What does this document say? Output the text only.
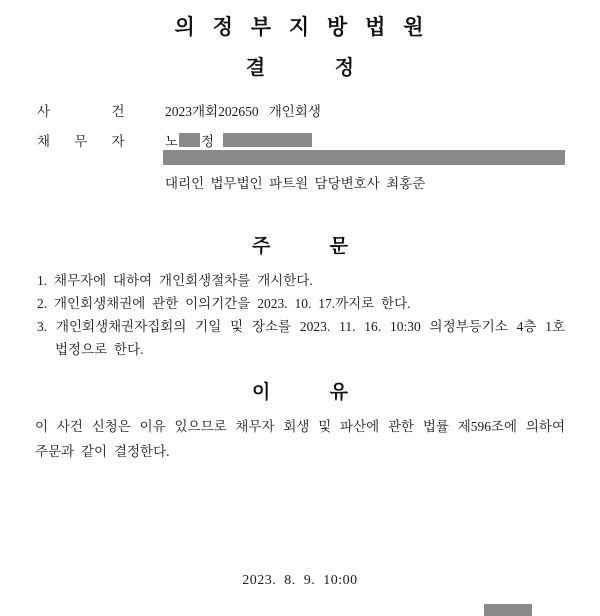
의 정 부 지 방 법 원
결 정
사	건	2023개회202650   개인회생
채 무 자	노 정
대리인 법무법인 파트원 담당변호사 최홍준
주 문
1. 채무자에 대하여 개인회생절차를 개시한다.
2. 개인회생채권에 관한 이의기간을 2023. 10. 17.까지로 한다.
3. 개인회생채권자집회의 기일 및 장소를 2023. 11. 16. 10:30 의정부등기소 4층 1호
법정으로 한다.
이 유
이 사건 신청은 이유 있으므로 채무자 회생 및 파산에 관한 법률 제596조에 의하여
주문과 같이 결정한다.
2023.  8.  9.  10:00
